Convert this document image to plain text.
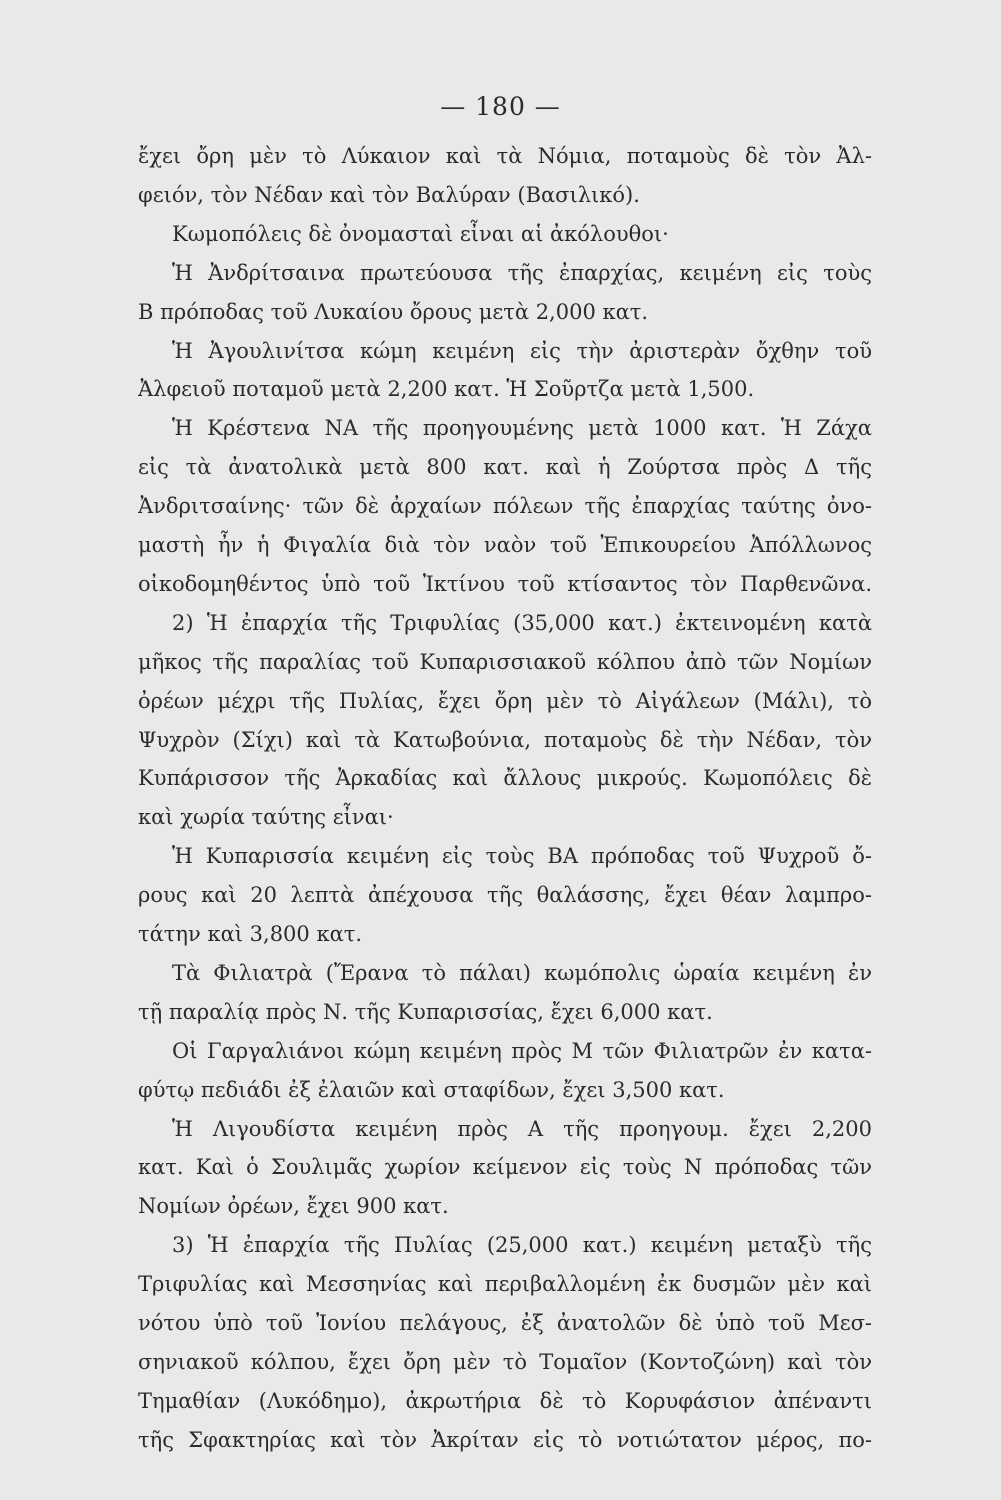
— 180 —
ἔχει ὄρη μὲν τὸ Λύκαιον καὶ τὰ Νόμια, ποταμοὺς δὲ τὸν Ἀλ-
φειόν, τὸν Νέδαν καὶ τὸν Βαλύραν (Βασιλικό).
Κωμοπόλεις δὲ ὀνομασταὶ εἶναι αἱ ἀκόλουθοι·
Ἡ Ἀνδρίτσαινα πρωτεύουσα τῆς ἐπαρχίας, κειμένη εἰς τοὺς
Β πρόποδας τοῦ Λυκαίου ὄρους μετὰ 2,000 κατ.
Ἡ Ἀγουλινίτσα κώμη κειμένη εἰς τὴν ἀριστερὰν ὄχθην τοῦ
Ἀλφειοῦ ποταμοῦ μετὰ 2,200 κατ. Ἡ Σοῦρτζα μετὰ 1,500.
Ἡ Κρέστενα ΝΑ τῆς προηγουμένης μετὰ 1000 κατ. Ἡ Ζάχα
εἰς τὰ ἀνατολικὰ μετὰ 800 κατ. καὶ ἡ Ζούρτσα πρὸς Δ τῆς
Ἀνδριτσαίνης· τῶν δὲ ἀρχαίων πόλεων τῆς ἐπαρχίας ταύτης ὀνο-
μαστὴ ἦν ἡ Φιγαλία διὰ τὸν ναὸν τοῦ Ἐπικουρείου Ἀπόλλωνος
οἰκοδομηθέντος ὑπὸ τοῦ Ἰκτίνου τοῦ κτίσαντος τὸν Παρθενῶνα.
2) Ἡ ἐπαρχία τῆς Τριφυλίας (35,000 κατ.) ἐκτεινομένη κατὰ
μῆκος τῆς παραλίας τοῦ Κυπαρισσιακοῦ κόλπου ἀπὸ τῶν Νομίων
ὀρέων μέχρι τῆς Πυλίας, ἔχει ὄρη μὲν τὸ Αἰγάλεων (Μάλι), τὸ
Ψυχρὸν (Σίχι) καὶ τὰ Κατωβούνια, ποταμοὺς δὲ τὴν Νέδαν, τὸν
Κυπάρισσον τῆς Ἀρκαδίας καὶ ἄλλους μικρούς. Κωμοπόλεις δὲ
καὶ χωρία ταύτης εἶναι·
Ἡ Κυπαρισσία κειμένη εἰς τοὺς ΒΑ πρόποδας τοῦ Ψυχροῦ ὄ-
ρους καὶ 20 λεπτὰ ἀπέχουσα τῆς θαλάσσης, ἔχει θέαν λαμπρο-
τάτην καὶ 3,800 κατ.
Τὰ Φιλιατρὰ (Ἔρανα τὸ πάλαι) κωμόπολις ὡραία κειμένη ἐν
τῇ παραλίᾳ πρὸς Ν. τῆς Κυπαρισσίας, ἔχει 6,000 κατ.
Οἱ Γαργαλιάνοι κώμη κειμένη πρὸς Μ τῶν Φιλιατρῶν ἐν κατα-
φύτῳ πεδιάδι ἐξ ἐλαιῶν καὶ σταφίδων, ἔχει 3,500 κατ.
Ἡ Λιγουδίστα κειμένη πρὸς Α τῆς προηγουμ. ἔχει 2,200
κατ. Καὶ ὁ Σουλιμᾶς χωρίον κείμενον εἰς τοὺς Ν πρόποδας τῶν
Νομίων ὀρέων, ἔχει 900 κατ.
3) Ἡ ἐπαρχία τῆς Πυλίας (25,000 κατ.) κειμένη μεταξὺ τῆς
Τριφυλίας καὶ Μεσσηνίας καὶ περιβαλλομένη ἐκ δυσμῶν μὲν καὶ
νότου ὑπὸ τοῦ Ἰονίου πελάγους, ἐξ ἀνατολῶν δὲ ὑπὸ τοῦ Μεσ-
σηνιακοῦ κόλπου, ἔχει ὄρη μὲν τὸ Τομαῖον (Κοντοζώνη) καὶ τὸν
Τημαθίαν (Λυκόδημο), ἀκρωτήρια δὲ τὸ Κορυφάσιον ἀπέναντι
τῆς Σφακτηρίας καὶ τὸν Ἀκρίταν εἰς τὸ νοτιώτατον μέρος, πο-
